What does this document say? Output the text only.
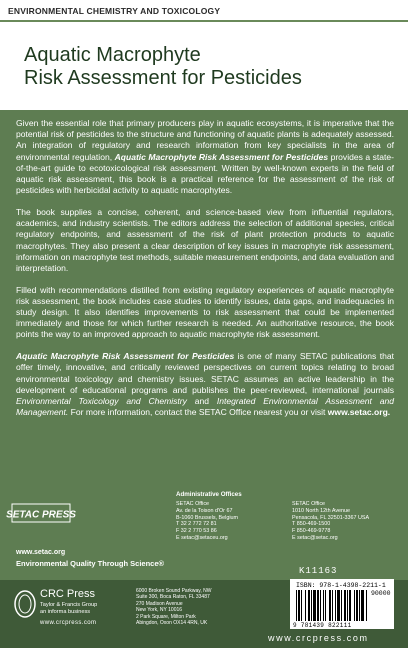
ENVIRONMENTAL CHEMISTRY AND TOXICOLOGY
Aquatic Macrophyte
Risk Assessment for Pesticides

Given the essential role that primary producers play in aquatic ecosystems, it is imperative that the potential risk of pesticides to the structure and functioning of aquatic plants is adequately assessed. An integration of regulatory and research information from key specialists in the area of environmental regulation, Aquatic Macrophyte Risk Assessment for Pesticides provides a state-of-the-art guide to ecotoxicological risk assessment. Written by well-known experts in the field of aquatic risk assessment, this book is a practical reference for the assessment of the risk of pesticides with herbicidal activity to aquatic macrophytes.

The book supplies a concise, coherent, and science-based view from influential regulators, academics, and industry scientists. The editors address the selection of additional species, critical regulatory endpoints, and assessment of the risk of plant protection products to aquatic macrophytes. They also present a clear description of key issues in macrophyte risk assessment, information on macrophyte test methods, suitable measurement endpoints, and data evaluation and interpretation.

Filled with recommendations distilled from existing regulatory experiences of aquatic macrophyte risk assessment, the book includes case studies to identify issues, data gaps, and inadequacies in study design. It also identifies improvements to risk assessment that could be implemented immediately and those for which further research is needed. An authoritative resource, the book points the way to an improved approach to aquatic macrophyte risk assessment.

Aquatic Macrophyte Risk Assessment for Pesticides is one of many SETAC publications that offer timely, innovative, and critically reviewed perspectives on current topics relating to broad environmental toxicology and chemistry issues. SETAC assumes an active leadership in the development of educational programs and publishes the peer-reviewed, international journals Environmental Toxicology and Chemistry and Integrated Environmental Assessment and Management. For more information, contact the SETAC Office nearest you or visit www.setac.org.

SETAC PRESS
www.setac.org
Environmental Quality Through Science®
Administrative Offices
SETAC Office
Av. de la Toison d'Or 67
B-1060 Brussels, Belgium
T 32 2 772 72 81
F 32 2 770 53 86
E setac@setaceu.org
SETAC Office
1010 North 12th Avenue
Pensacola, FL 32501-3367 USA
T 850-469-1500
F 850-469-9778
E setac@setac.org
K11163
CRC Press
Taylor & Francis Group
an informa business
www.crcpress.com
6000 Broken Sound Parkway, NW
Suite 300, Boca Raton, FL 33487
270 Madison Avenue
New York, NY 10016
2 Park Square, Milton Park
Abingdon, Oxon OX14 4RN, UK
ISBN: 978-1-4398-2211-1
90000
9 781439 822111
www.crcpress.com
